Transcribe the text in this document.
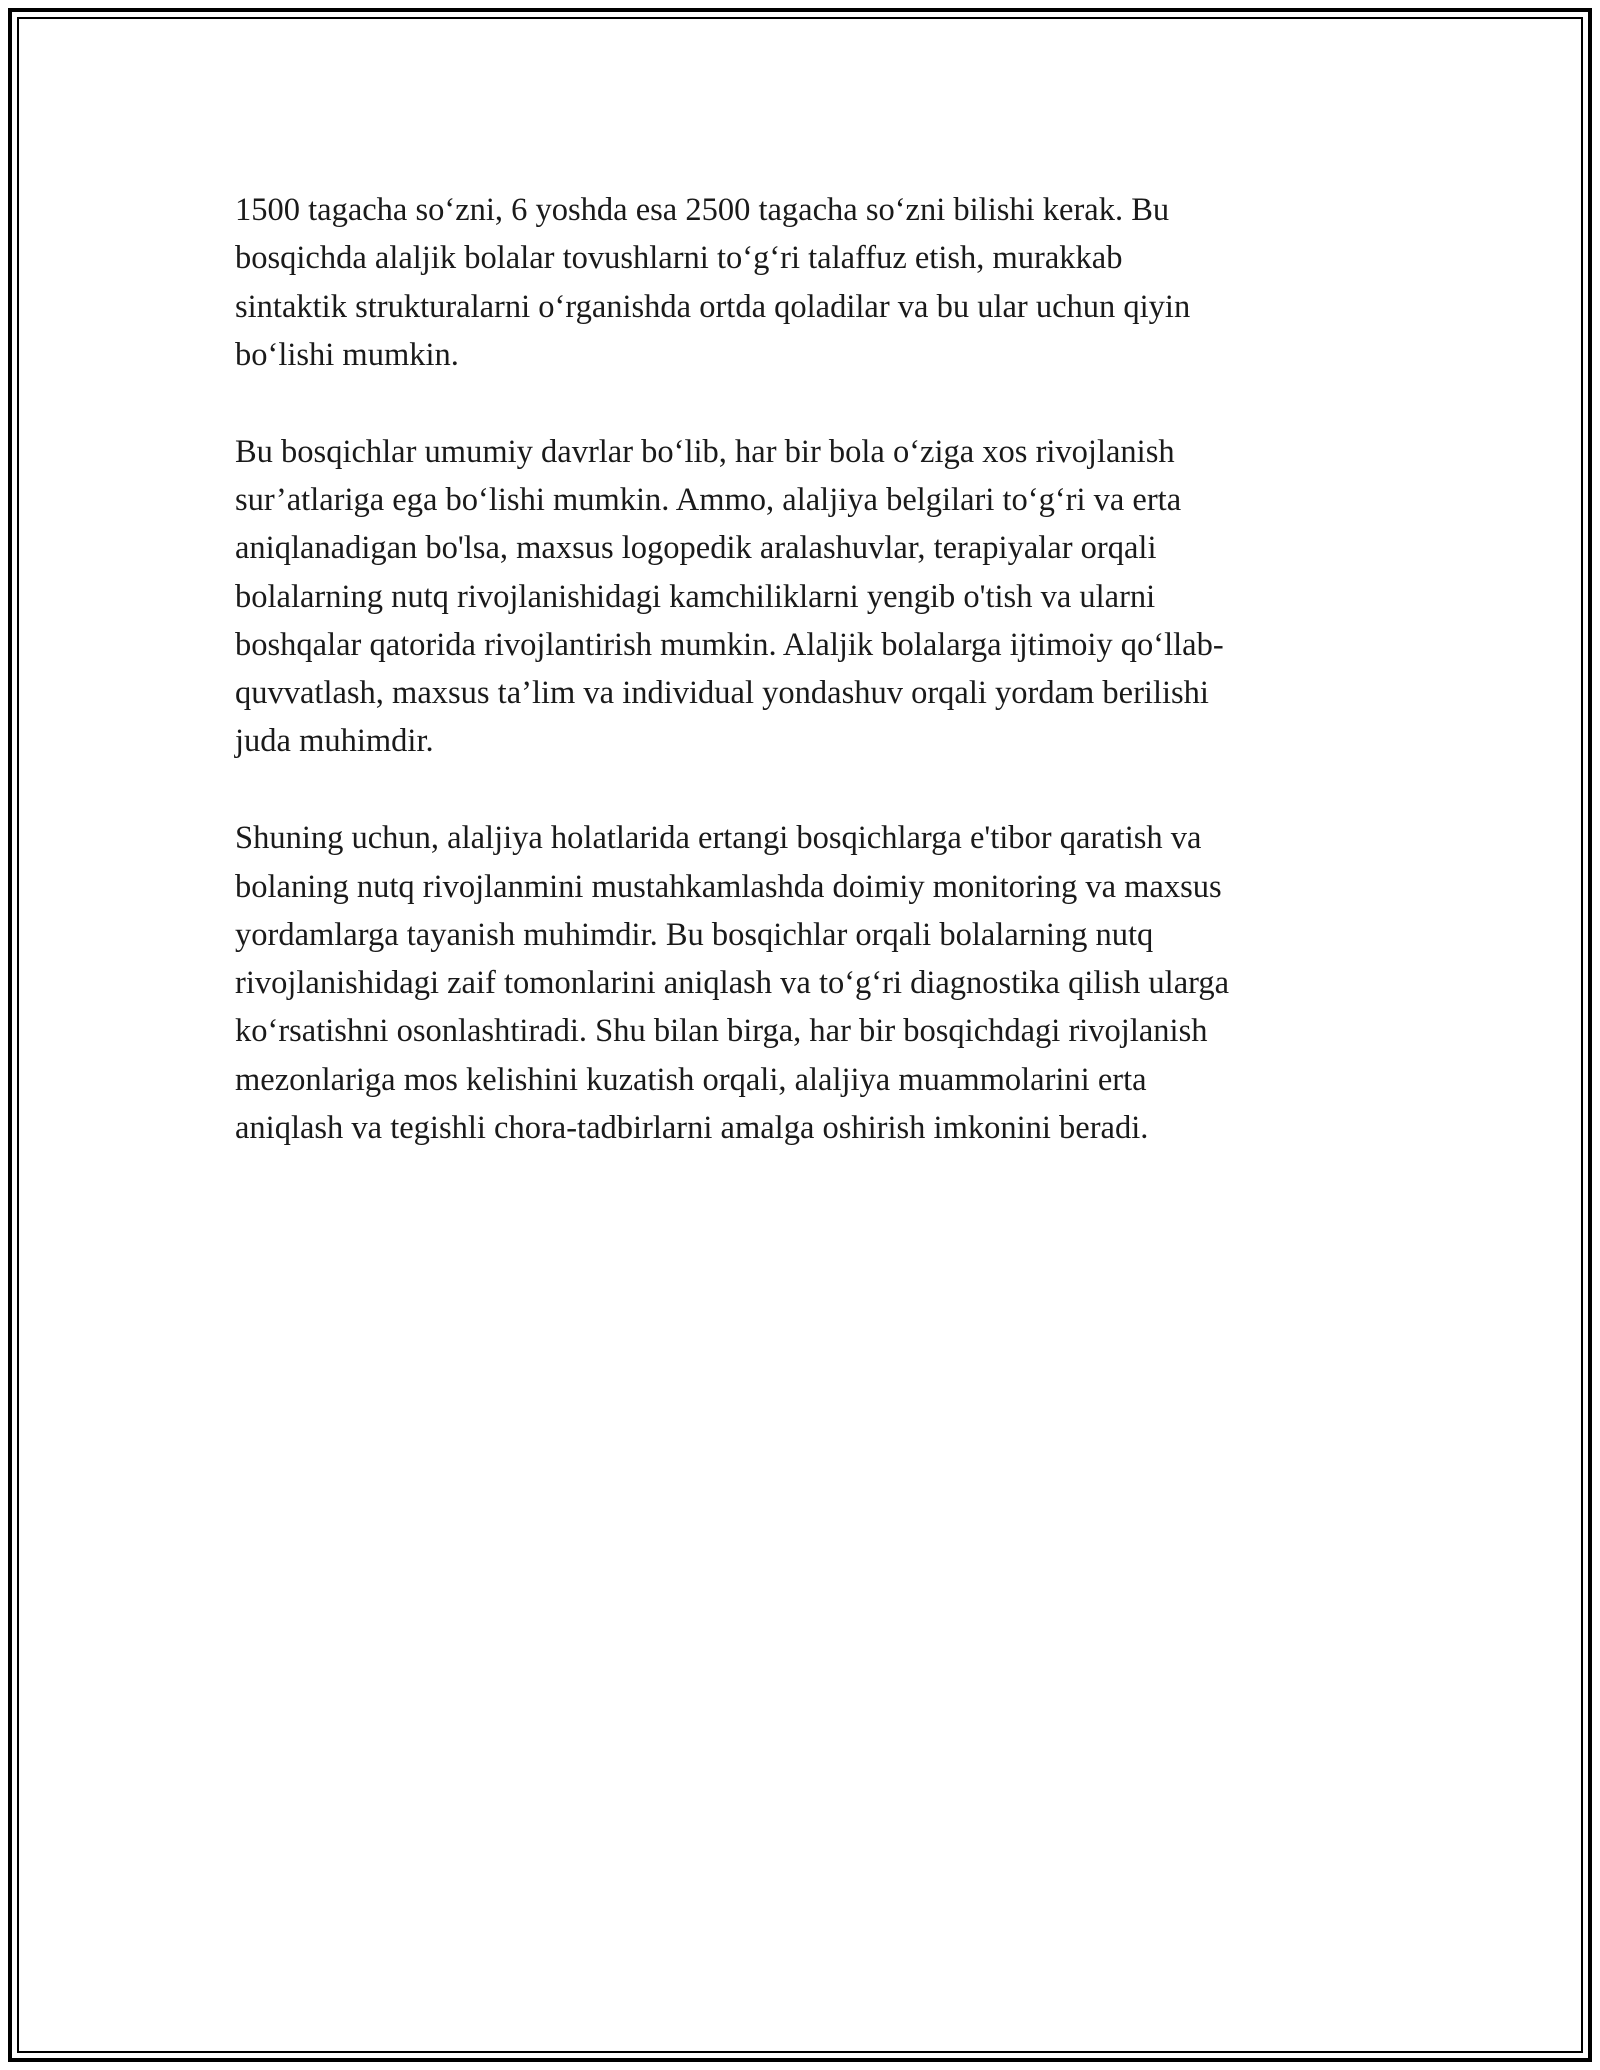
1500 tagacha so‘zni, 6 yoshda esa 2500 tagacha so‘zni bilishi kerak. Bu
bosqichda alaljik bolalar tovushlarni to‘g‘ri talaffuz etish, murakkab
sintaktik strukturalarni o‘rganishda ortda qoladilar va bu ular uchun qiyin
bo‘lishi mumkin.

Bu bosqichlar umumiy davrlar bo‘lib, har bir bola o‘ziga xos rivojlanish
sur’atlariga ega bo‘lishi mumkin. Ammo, alaljiya belgilari to‘g‘ri va erta
aniqlanadigan bo'lsa, maxsus logopedik aralashuvlar, terapiyalar orqali
bolalarning nutq rivojlanishidagi kamchiliklarni yengib o'tish va ularni
boshqalar qatorida rivojlantirish mumkin. Alaljik bolalarga ijtimoiy qo‘llab-
quvvatlash, maxsus ta’lim va individual yondashuv orqali yordam berilishi
juda muhimdir.

Shuning uchun, alaljiya holatlarida ertangi bosqichlarga e'tibor qaratish va
bolaning nutq rivojlanmini mustahkamlashda doimiy monitoring va maxsus
yordamlarga tayanish muhimdir. Bu bosqichlar orqali bolalarning nutq
rivojlanishidagi zaif tomonlarini aniqlash va to‘g‘ri diagnostika qilish ularga
ko‘rsatishni osonlashtiradi. Shu bilan birga, har bir bosqichdagi rivojlanish
mezonlariga mos kelishini kuzatish orqali, alaljiya muammolarini erta
aniqlash va tegishli chora-tadbirlarni amalga oshirish imkonini beradi.
